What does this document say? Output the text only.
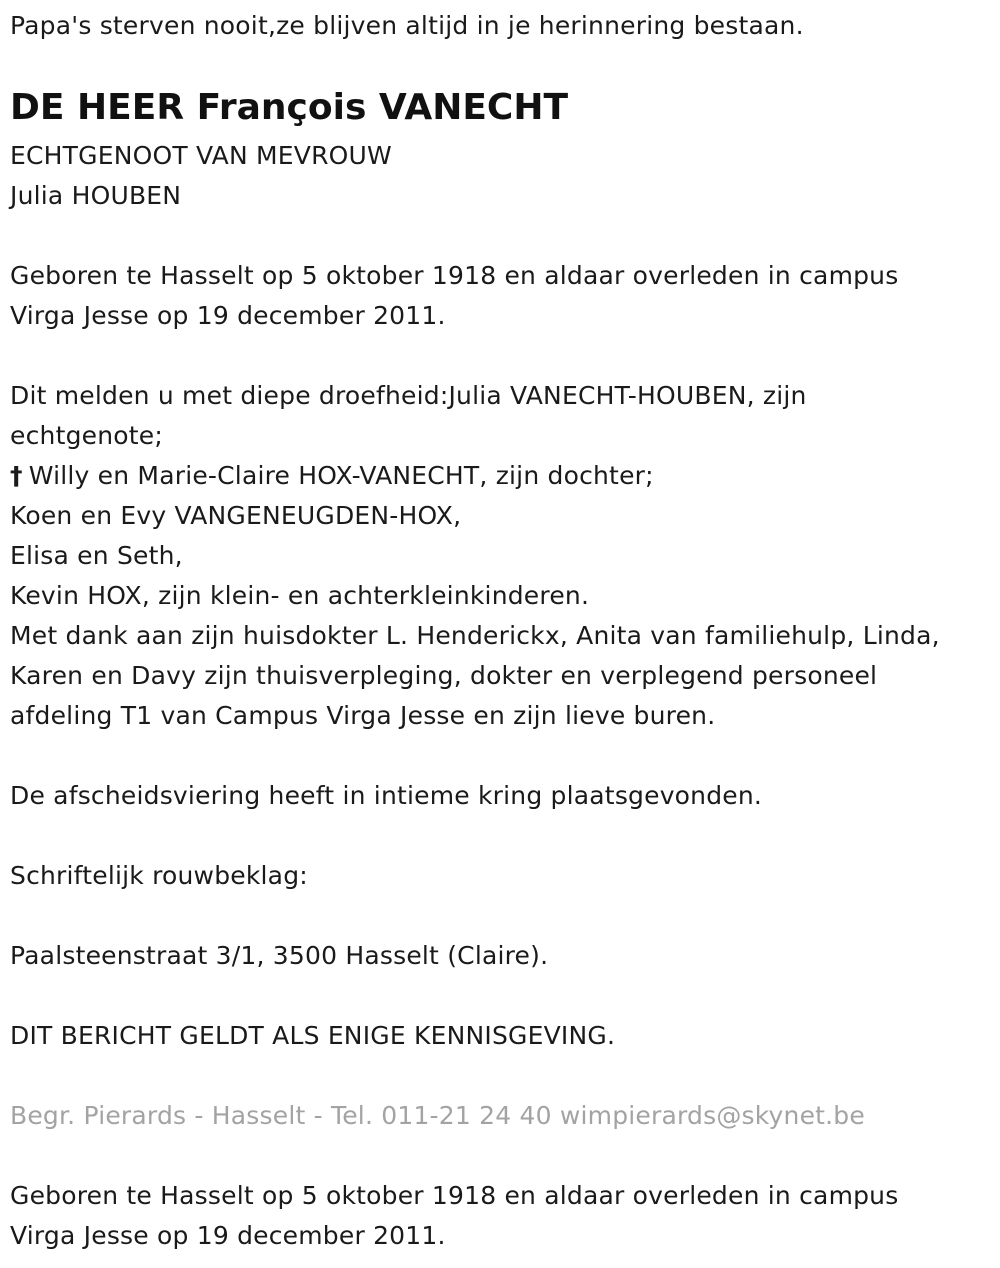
Papa's sterven nooit,ze blijven altijd in je herinnering bestaan.
DE HEER François VANECHT
ECHTGENOOT VAN MEVROUW
Julia HOUBEN
Geboren te Hasselt op 5 oktober 1918 en aldaar overleden in campus
Virga Jesse op 19 december 2011.
Dit melden u met diepe droefheid:Julia VANECHT-HOUBEN, zijn
echtgenote;
† Willy en Marie-Claire HOX-VANECHT, zijn dochter;
Koen en Evy VANGENEUGDEN-HOX,
Elisa en Seth,
Kevin HOX, zijn klein- en achterkleinkinderen.
Met dank aan zijn huisdokter L. Henderickx, Anita van familiehulp, Linda,
Karen en Davy zijn thuisverpleging, dokter en verplegend personeel
afdeling T1 van Campus Virga Jesse en zijn lieve buren.
De afscheidsviering heeft in intieme kring plaatsgevonden.
Schriftelijk rouwbeklag:
Paalsteenstraat 3/1, 3500 Hasselt (Claire).
DIT BERICHT GELDT ALS ENIGE KENNISGEVING.
Begr. Pierards - Hasselt - Tel. 011-21 24 40 wimpierards@skynet.be
Geboren te Hasselt op 5 oktober 1918 en aldaar overleden in campus
Virga Jesse op 19 december 2011.
